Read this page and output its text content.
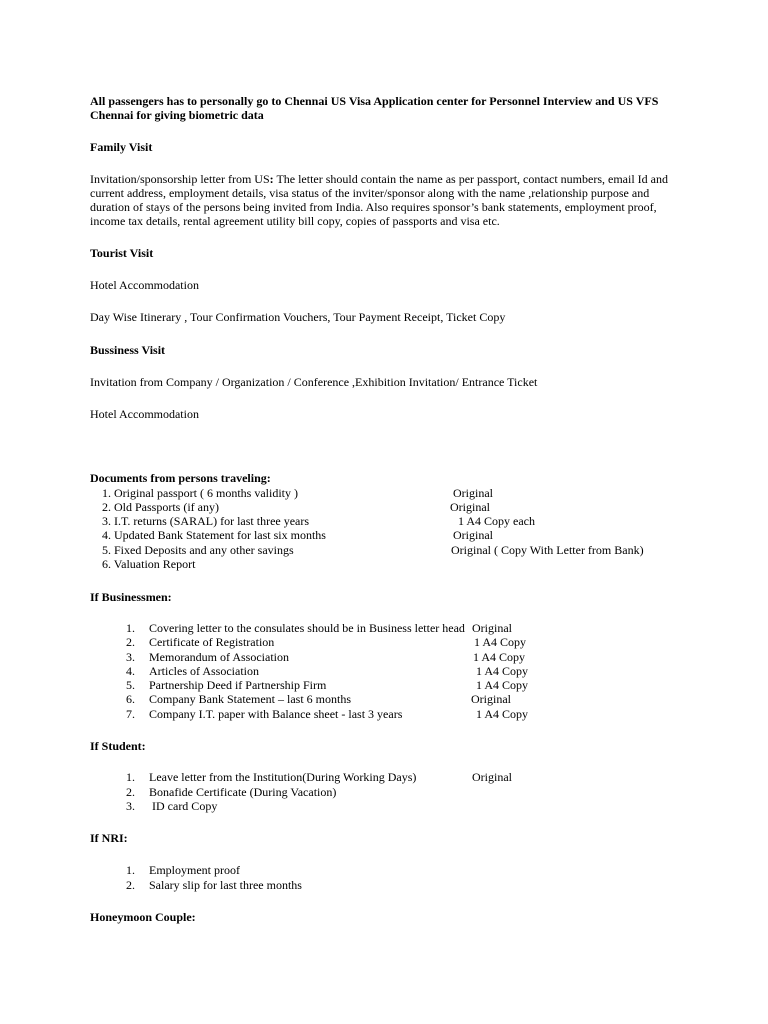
All passengers has to personally go to Chennai US Visa Application center for Personnel Interview and US VFS Chennai for giving biometric data
Family Visit
Invitation/sponsorship letter from US: The letter should contain the name as per passport, contact numbers, email Id and current address, employment details, visa status of the inviter/sponsor along with the name ,relationship purpose and duration of stays of the persons being invited from India. Also requires sponsor’s bank statements, employment proof, income tax details, rental agreement utility bill copy, copies of passports and visa etc.
Tourist Visit
Hotel Accommodation
Day Wise Itinerary , Tour Confirmation Vouchers, Tour Payment Receipt, Ticket Copy
Bussiness Visit
Invitation from Company / Organization / Conference ,Exhibition Invitation/ Entrance Ticket
Hotel Accommodation
Documents from persons traveling:
1. Original passport ( 6 months validity )	Original
2. Old Passports (if any)	Original
3. I.T. returns (SARAL) for last three years	1 A4 Copy each
4. Updated Bank Statement for last six months	Original
5. Fixed Deposits and any other savings	Original ( Copy With Letter from Bank)
6. Valuation Report
If Businessmen:
1. Covering letter to the consulates should be in Business letter head Original
2. Certificate of Registration	1 A4 Copy
3. Memorandum of Association	1 A4 Copy
4. Articles of Association	1 A4 Copy
5. Partnership Deed if Partnership Firm	1 A4 Copy
6. Company Bank Statement – last 6 months	Original
7. Company I.T. paper with Balance sheet - last 3 years	1 A4 Copy
If Student:
1. Leave letter from the Institution(During Working Days)	Original
2. Bonafide Certificate (During Vacation)
3. ID card Copy
If NRI:
1. Employment proof
2. Salary slip for last three months
Honeymoon Couple:
